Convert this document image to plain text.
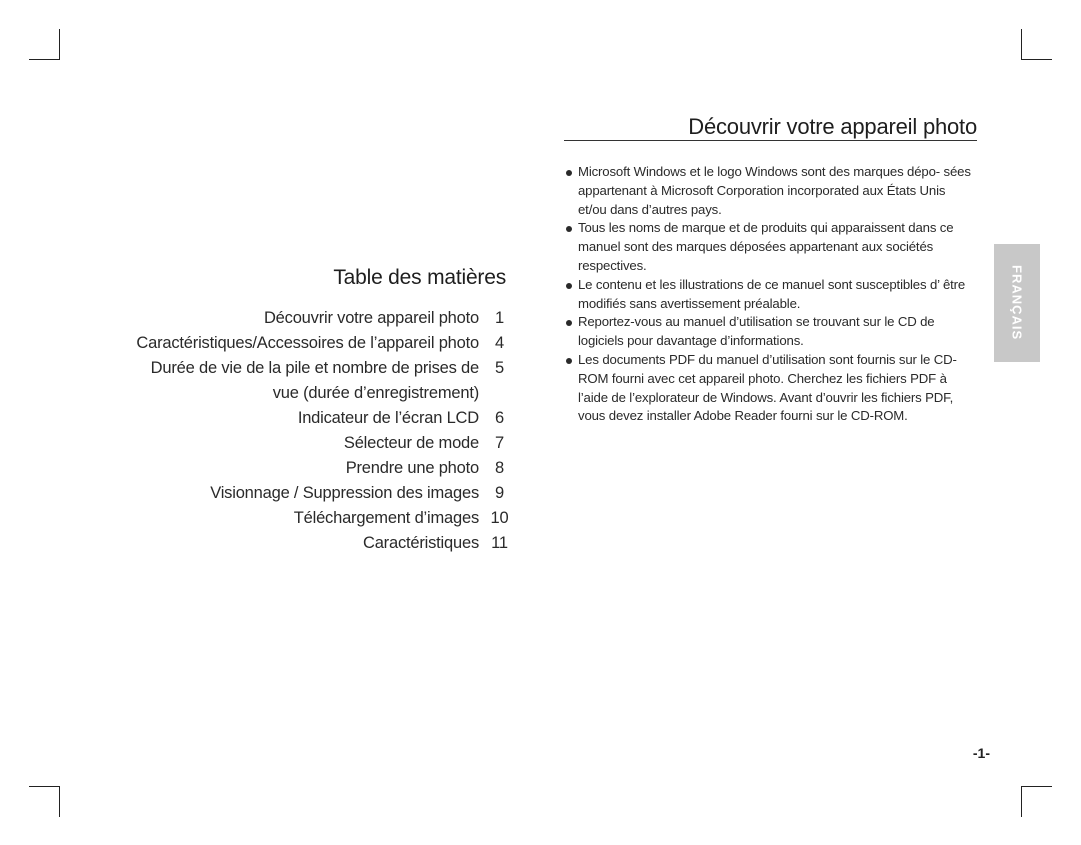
Table des matières
Découvrir votre appareil photo 1
Caractéristiques/Accessoires de l’appareil photo 4
Durée de vie de la pile et nombre de prises de 5
vue (durée d’enregistrement)
Indicateur de l’écran LCD 6
Sélecteur de mode 7
Prendre une photo 8
Visionnage / Suppression des images 9
Téléchargement d’images 10
Caractéristiques 11
Découvrir votre appareil photo
Microsoft Windows et le logo Windows sont des marques dépo- sées appartenant à Microsoft Corporation incorporated aux États Unis et/ou dans d’autres pays.
Tous les noms de marque et de produits qui apparaissent dans ce manuel sont des marques déposées appartenant aux sociétés respectives.
Le contenu et les illustrations de ce manuel sont susceptibles d’ être modifiés sans avertissement préalable.
Reportez-vous au manuel d’utilisation se trouvant sur le CD de logiciels pour davantage d’informations.
Les documents PDF du manuel d’utilisation sont fournis sur le CD-ROM fourni avec cet appareil photo. Cherchez les fichiers PDF à l’aide de l’explorateur de Windows. Avant d’ouvrir les fichiers PDF, vous devez installer Adobe Reader fourni sur le CD-ROM.
FRANÇAIS
-1-
